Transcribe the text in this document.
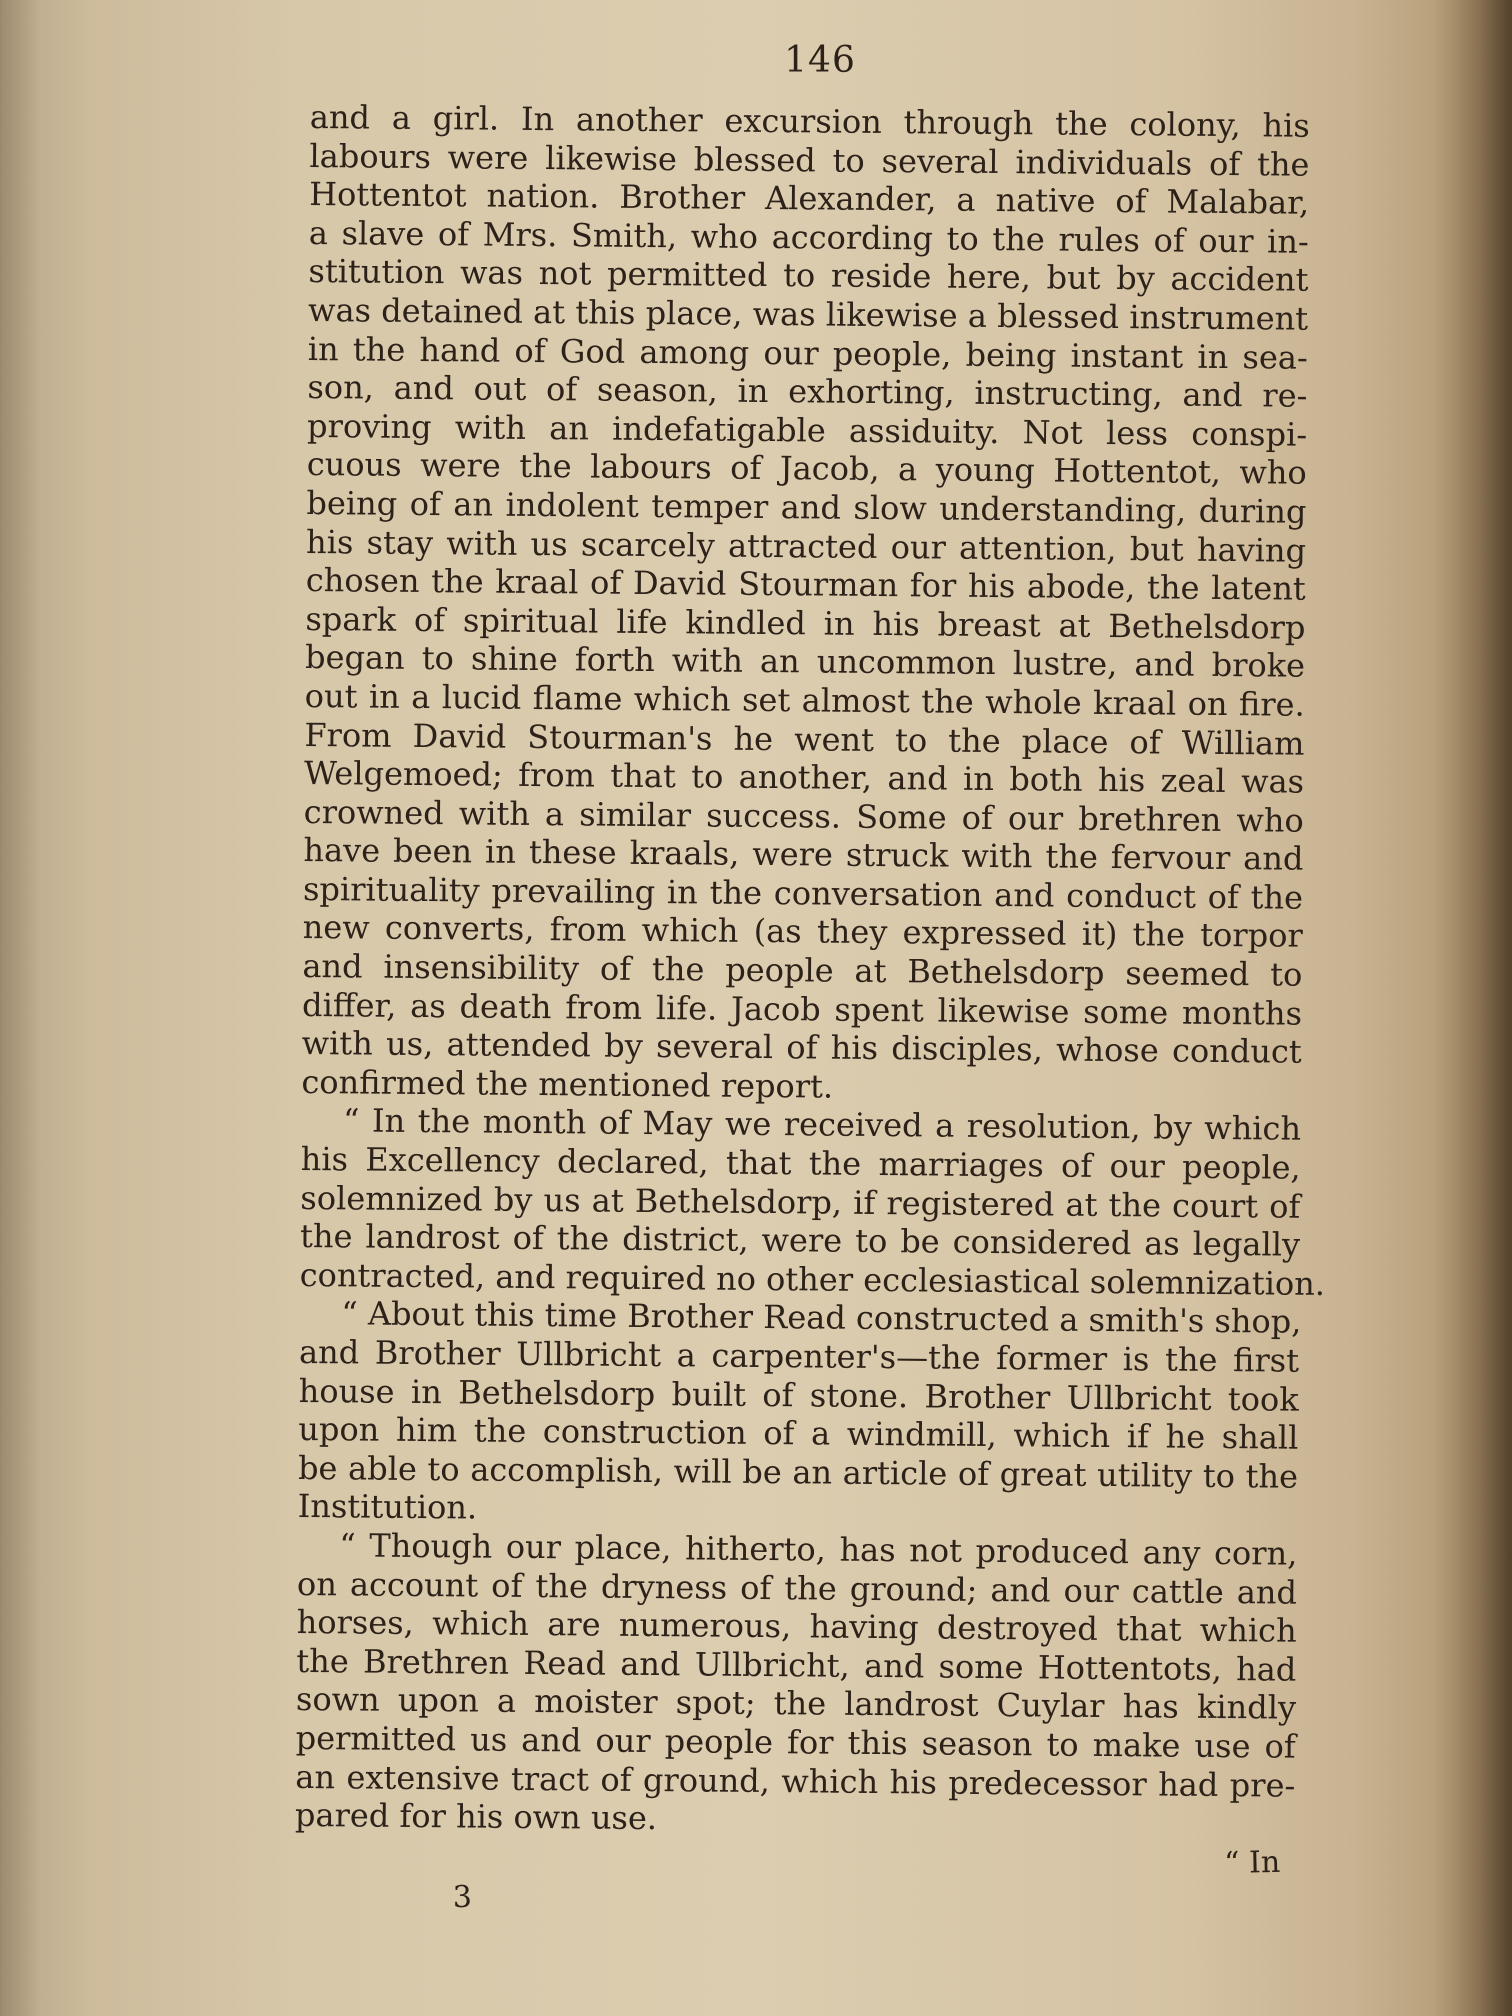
146
and a girl. In another excursion through the colony, his
labours were likewise blessed to several individuals of the
Hottentot nation. Brother Alexander, a native of Malabar,
a slave of Mrs. Smith, who according to the rules of our in-
stitution was not permitted to reside here, but by accident
was detained at this place, was likewise a blessed instrument
in the hand of God among our people, being instant in sea-
son, and out of season, in exhorting, instructing, and re-
proving with an indefatigable assiduity. Not less conspi-
cuous were the labours of Jacob, a young Hottentot, who
being of an indolent temper and slow understanding, during
his stay with us scarcely attracted our attention, but having
chosen the kraal of David Stourman for his abode, the latent
spark of spiritual life kindled in his breast at Bethelsdorp
began to shine forth with an uncommon lustre, and broke
out in a lucid flame which set almost the whole kraal on fire.
From David Stourman's he went to the place of William
Welgemoed; from that to another, and in both his zeal was
crowned with a similar success. Some of our brethren who
have been in these kraals, were struck with the fervour and
spirituality prevailing in the conversation and conduct of the
new converts, from which (as they expressed it) the torpor
and insensibility of the people at Bethelsdorp seemed to
differ, as death from life. Jacob spent likewise some months
with us, attended by several of his disciples, whose conduct
confirmed the mentioned report.
“ In the month of May we received a resolution, by which
his Excellency declared, that the marriages of our people,
solemnized by us at Bethelsdorp, if registered at the court of
the landrost of the district, were to be considered as legally
contracted, and required no other ecclesiastical solemnization.
“ About this time Brother Read constructed a smith's shop,
and Brother Ullbricht a carpenter's—the former is the first
house in Bethelsdorp built of stone. Brother Ullbricht took
upon him the construction of a windmill, which if he shall
be able to accomplish, will be an article of great utility to the
Institution.
“ Though our place, hitherto, has not produced any corn,
on account of the dryness of the ground; and our cattle and
horses, which are numerous, having destroyed that which
the Brethren Read and Ullbricht, and some Hottentots, had
sown upon a moister spot; the landrost Cuylar has kindly
permitted us and our people for this season to make use of
an extensive tract of ground, which his predecessor had pre-
pared for his own use.
3
“ In
